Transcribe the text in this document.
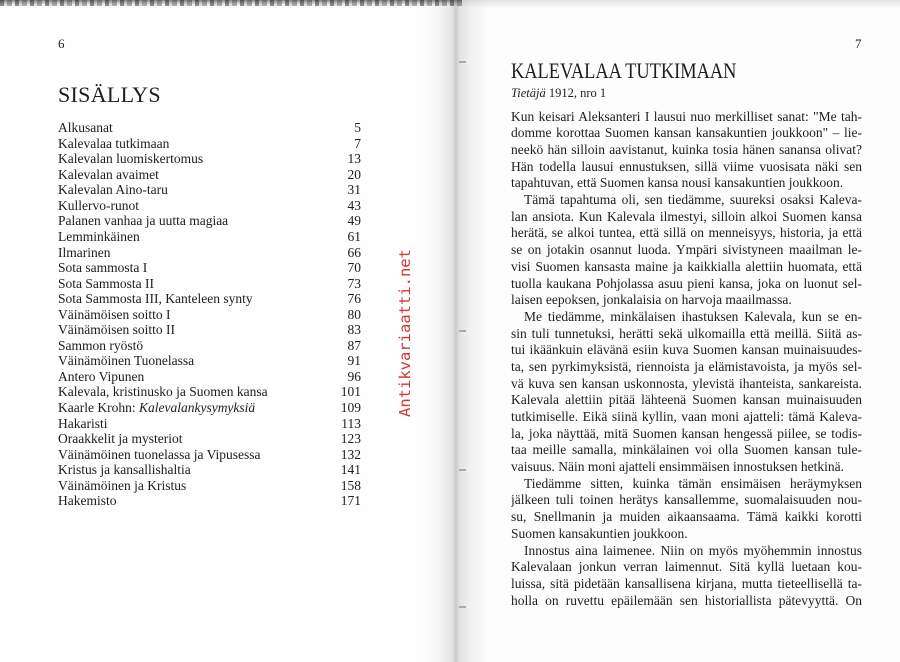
6
SISÄLLYS
Alkusanat	5
Kalevalaa tutkimaan	7
Kalevalan luomiskertomus	13
Kalevalan avaimet	20
Kalevalan Aino-taru	31
Kullervo-runot	43
Palanen vanhaa ja uutta magiaa	49
Lemminkäinen	61
Ilmarinen	66
Sota sammosta I	70
Sota Sammosta II	73
Sota Sammosta III, Kanteleen synty	76
Väinämöisen soitto I	80
Väinämöisen soitto II	83
Sammon ryöstö	87
Väinämöinen Tuonelassa	91
Antero Vipunen	96
Kalevala, kristinusko ja Suomen kansa	101
Kaarle Krohn: Kalevalankysymyksiä	109
Hakaristi	113
Oraakkelit ja mysteriot	123
Väinämöinen tuonelassa ja Vipusessa	132
Kristus ja kansallishaltia	141
Väinämöinen ja Kristus	158
Hakemisto	171
Antikvariaatti.net
7
KALEVALAA TUTKIMAAN
Tietäjä 1912, nro 1
Kun keisari Aleksanteri I lausui nuo merkilliset sanat: "Me tah-
domme korottaa Suomen kansan kansakuntien joukkoon" – lie-
neekö hän silloin aavistanut, kuinka tosia hänen sanansa olivat?
Hän todella lausui ennustuksen, sillä viime vuosisata näki sen
tapahtuvan, että Suomen kansa nousi kansakuntien joukkoon.
Tämä tapahtuma oli, sen tiedämme, suureksi osaksi Kaleva-
lan ansiota. Kun Kalevala ilmestyi, silloin alkoi Suomen kansa
herätä, se alkoi tuntea, että sillä on menneisyys, historia, ja että
se on jotakin osannut luoda. Ympäri sivistyneen maailman le-
visi Suomen kansasta maine ja kaikkialla alettiin huomata, että
tuolla kaukana Pohjolassa asuu pieni kansa, joka on luonut sel-
laisen eepoksen, jonkalaisia on harvoja maailmassa.
Me tiedämme, minkälaisen ihastuksen Kalevala, kun se en-
sin tuli tunnetuksi, herätti sekä ulkomailla että meillä. Siitä as-
tui ikäänkuin elävänä esiin kuva Suomen kansan muinaisuudes-
ta, sen pyrkimyksistä, riennoista ja elämistavoista, ja myös sel-
vä kuva sen kansan uskonnosta, ylevistä ihanteista, sankareista.
Kalevala alettiin pitää lähteenä Suomen kansan muinaisuuden
tutkimiselle. Eikä siinä kyllin, vaan moni ajatteli: tämä Kaleva-
la, joka näyttää, mitä Suomen kansan hengessä piilee, se todis-
taa meille samalla, minkälainen voi olla Suomen kansan tule-
vaisuus. Näin moni ajatteli ensimmäisen innostuksen hetkinä.
Tiedämme sitten, kuinka tämän ensimäisen heräymyksen
jälkeen tuli toinen herätys kansallemme, suomalaisuuden nou-
su, Snellmanin ja muiden aikaansaama. Tämä kaikki korotti
Suomen kansakuntien joukkoon.
Innostus aina laimenee. Niin on myös myöhemmin innostus
Kalevalaan jonkun verran laimennut. Sitä kyllä luetaan kou-
luissa, sitä pidetään kansallisena kirjana, mutta tieteellisellä ta-
holla on ruvettu epäilemään sen historiallista pätevyyttä. On
